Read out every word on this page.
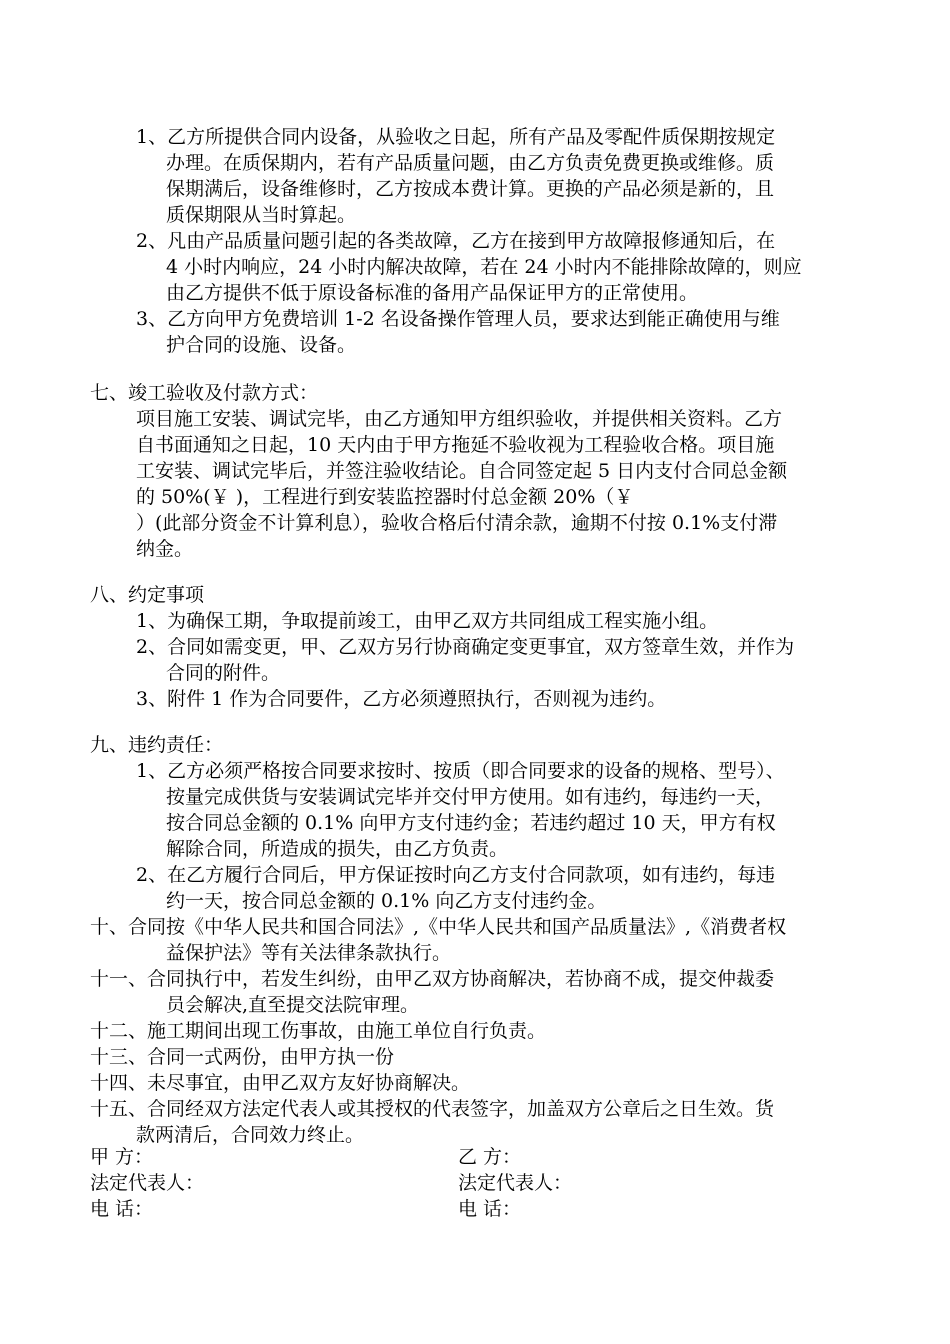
1、乙方所提供合同内设备，从验收之日起，所有产品及零配件质保期按规定
办理。在质保期内，若有产品质量问题，由乙方负责免费更换或维修。质
保期满后，设备维修时，乙方按成本费计算。更换的产品必须是新的，且
质保期限从当时算起。
2、凡由产品质量问题引起的各类故障，乙方在接到甲方故障报修通知后，在
4 小时内响应，24 小时内解决故障，若在 24 小时内不能排除故障的，则应
由乙方提供不低于原设备标准的备用产品保证甲方的正常使用。
3、乙方向甲方免费培训 1-2 名设备操作管理人员，要求达到能正确使用与维
护合同的设施、设备。
七、竣工验收及付款方式：
项目施工安装、调试完毕，由乙方通知甲方组织验收，并提供相关资料。乙方
自书面通知之日起，10 天内由于甲方拖延不验收视为工程验收合格。项目施
工安装、调试完毕后，并签注验收结论。自合同签定起 5 日内支付合同总金额
的 50%(￥ )，工程进行到安装监控器时付总金额 20%（￥
）(此部分资金不计算利息），验收合格后付清余款，逾期不付按 0.1%支付滞
纳金。
八、约定事项
1、为确保工期，争取提前竣工，由甲乙双方共同组成工程实施小组。
2、合同如需变更，甲、乙双方另行协商确定变更事宜，双方签章生效，并作为
合同的附件。
3、附件 1 作为合同要件，乙方必须遵照执行，否则视为违约。
九、违约责任：
1、乙方必须严格按合同要求按时、按质（即合同要求的设备的规格、型号）、
按量完成供货与安装调试完毕并交付甲方使用。如有违约，每违约一天，
按合同总金额的 0.1% 向甲方支付违约金；若违约超过 10 天，甲方有权
解除合同，所造成的损失，由乙方负责。
2、在乙方履行合同后，甲方保证按时向乙方支付合同款项，如有违约，每违
约一天，按合同总金额的 0.1% 向乙方支付违约金。
十、合同按《中华人民共和国合同法》,《中华人民共和国产品质量法》,《消费者权
益保护法》等有关法律条款执行。
十一、合同执行中，若发生纠纷，由甲乙双方协商解决，若协商不成，提交仲裁委
员会解决,直至提交法院审理。
十二、施工期间出现工伤事故，由施工单位自行负责。
十三、合同一式两份，由甲方执一份
十四、未尽事宜，由甲乙双方友好协商解决。
十五、合同经双方法定代表人或其授权的代表签字，加盖双方公章后之日生效。货
款两清后，合同效力终止。
甲 方：	乙 方：
法定代表人：	法定代表人：
电 话：	电 话：
